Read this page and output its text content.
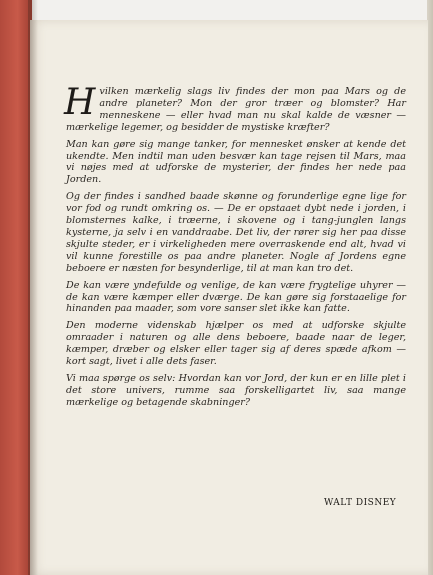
Hvilken mærkelig slags liv findes der mon paa Mars og de andre planeter? Mon der gror træer og blomster? Har menneskene — eller hvad man nu skal kalde de væsner — mærkelige legemer, og besidder de mystiske kræfter?

Man kan gøre sig mange tanker, for mennesket ønsker at kende det ukendte. Men indtil man uden besvær kan tage rejsen til Mars, maa vi nøjes med at udforske de mysterier, der findes her nede paa Jorden.

Og der findes i sandhed baade skønne og forunderlige egne lige for vor fod og rundt omkring os. — De er opstaaet dybt nede i jorden, i blomsternes kalke, i træerne, i skovene og i tang-junglen langs kysterne, ja selv i en vanddraabe. Det liv, der rører sig her paa disse skjulte steder, er i virkeligheden mere overraskende end alt, hvad vi vil kunne forestille os paa andre planeter. Nogle af Jordens egne beboere er næsten for besynderlige, til at man kan tro det.

De kan være yndefulde og venlige, de kan være frygtelige uhyrer — de kan være kæmper eller dværge. De kan gøre sig forstaaelige for hinanden paa maader, som vore sanser slet ikke kan fatte.

Den moderne videnskab hjælper os med at udforske skjulte omraader i naturen og alle dens beboere, baade naar de leger, kæmper, dræber og elsker eller tager sig af deres spæde afkom — kort sagt, livet i alle dets faser.

Vi maa spørge os selv: Hvordan kan vor Jord, der kun er en lille plet i det store univers, rumme saa forskelligartet liv, saa mange mærkelige og betagende skabninger?

WALT DISNEY
